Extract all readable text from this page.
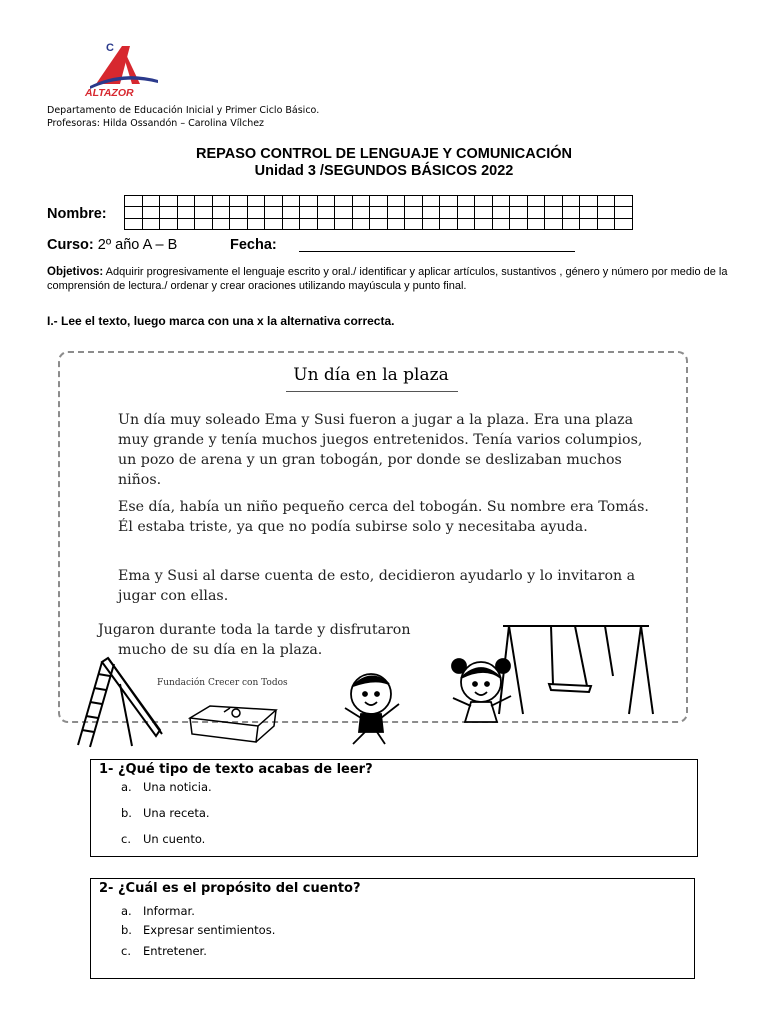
C
ALTAZOR
Departamento de Educación Inicial y Primer Ciclo Básico.
Profesoras: Hilda Ossandón – Carolina Vílchez
REPASO CONTROL DE LENGUAJE Y COMUNICACIÓN
Unidad 3 /SEGUNDOS BÁSICOS 2022
Nombre:
Curso: 2º año A – B	Fecha:
Objetivos: Adquirir progresivamente el lenguaje escrito y oral./ identificar y aplicar artículos, sustantivos , género y número por medio de la comprensión de lectura./ ordenar y crear oraciones utilizando mayúscula y punto final.
I.- Lee el texto, luego marca con una x la alternativa correcta.
Un día en la plaza
Un día muy soleado Ema y Susi fueron a jugar a la plaza. Era una plaza muy grande y tenía muchos juegos entretenidos. Tenía varios columpios, un pozo de arena y un gran tobogán, por donde se deslizaban muchos niños.
Ese día, había un niño pequeño cerca del tobogán. Su nombre era Tomás. Él estaba triste, ya que no podía subirse solo y necesitaba ayuda.
Ema y Susi al darse cuenta de esto, decidieron ayudarlo y lo invitaron a jugar con ellas.
Jugaron durante toda la tarde y disfrutaron
mucho de su día en la plaza.
Fundación Crecer con Todos
1- ¿Qué tipo de texto acabas de leer?
a. Una noticia.
b. Una receta.
c. Un cuento.
2- ¿Cuál es el propósito del cuento?
a. Informar.
b. Expresar sentimientos.
c. Entretener.
